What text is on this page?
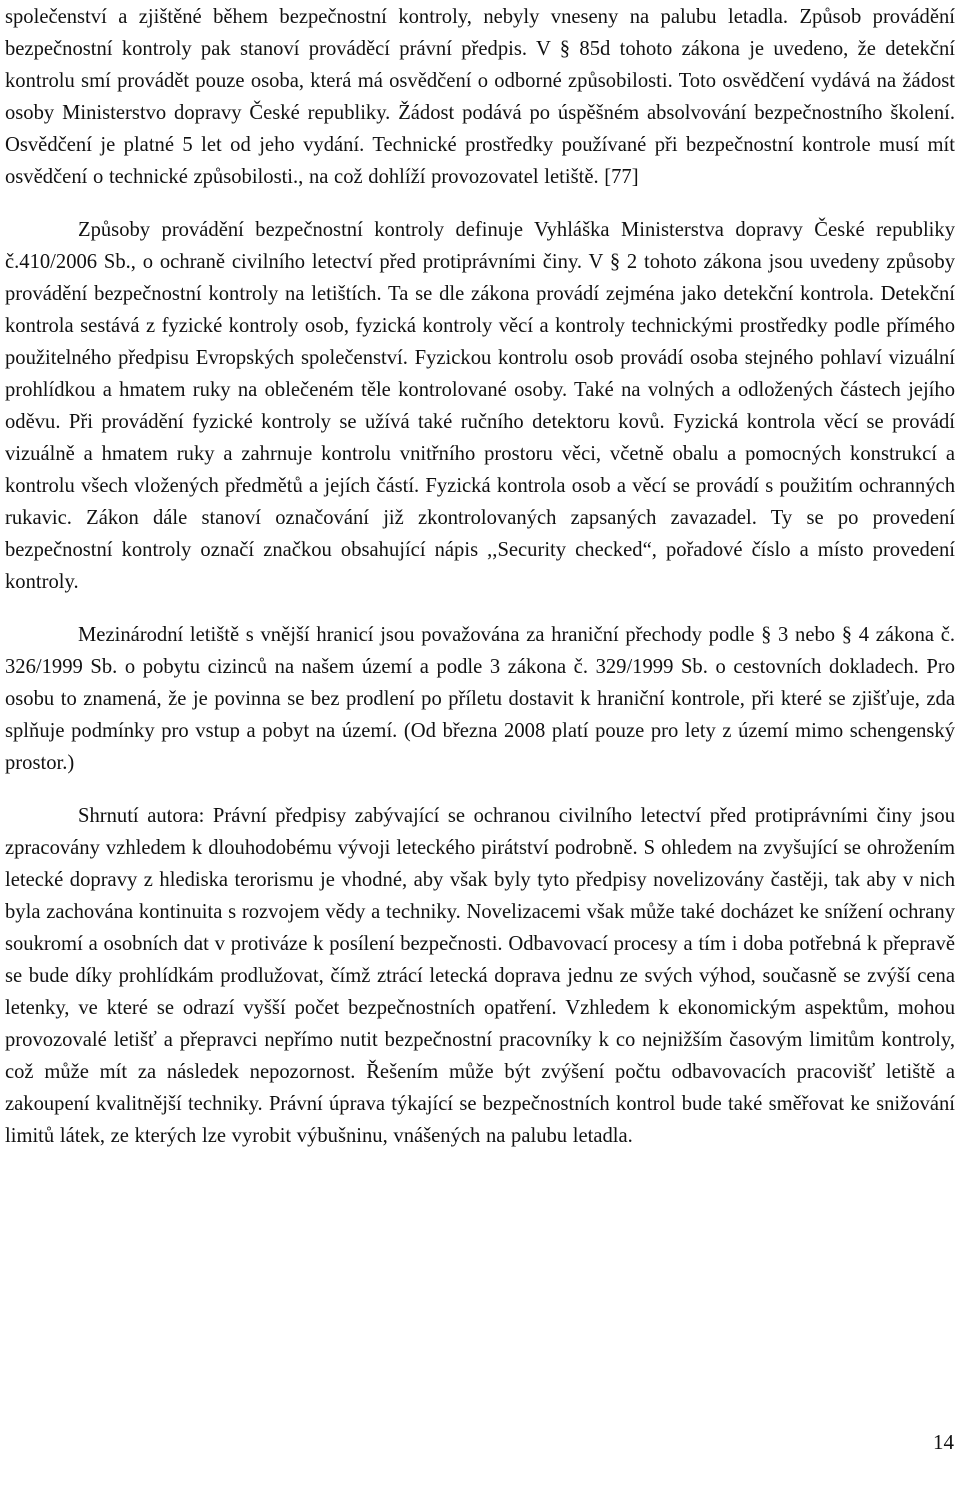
společenství a zjištěné během bezpečnostní kontroly, nebyly vneseny na palubu letadla. Způsob provádění bezpečnostní kontroly pak stanoví prováděcí právní předpis. V § 85d tohoto zákona je uvedeno, že detekční kontrolu smí provádět pouze osoba, která má osvědčení o odborné způsobilosti. Toto osvědčení vydává na žádost osoby Ministerstvo dopravy České republiky. Žádost podává po úspěšném absolvování bezpečnostního školení. Osvědčení je platné 5 let od jeho vydání. Technické prostředky používané při bezpečnostní kontrole musí mít osvědčení o technické způsobilosti., na což dohlíží provozovatel letiště. [77]

Způsoby provádění bezpečnostní kontroly definuje Vyhláška Ministerstva dopravy České republiky č.410/2006 Sb., o ochraně civilního letectví před protiprávními činy. V § 2 tohoto zákona jsou uvedeny způsoby provádění bezpečnostní kontroly na letištích. Ta se dle zákona provádí zejména jako detekční kontrola. Detekční kontrola sestává z fyzické kontroly osob, fyzická kontroly věcí a kontroly technickými prostředky podle přímého použitelného předpisu Evropských společenství. Fyzickou kontrolu osob provádí osoba stejného pohlaví vizuální prohlídkou a hmatem ruky na oblečeném těle kontrolované osoby. Také na volných a odložených částech jejího oděvu. Při provádění fyzické kontroly se užívá také ručního detektoru kovů. Fyzická kontrola věcí se provádí vizuálně a hmatem ruky a zahrnuje kontrolu vnitřního prostoru věci, včetně obalu a pomocných konstrukcí a kontrolu všech vložených předmětů a jejích částí. Fyzická kontrola osob a věcí se provádí s použitím ochranných rukavic. Zákon dále stanoví označování již zkontrolovaných zapsaných zavazadel. Ty se po provedení bezpečnostní kontroly označí značkou obsahující nápis ,,Security checked“, pořadové číslo a místo provedení kontroly.

Mezinárodní letiště s vnější hranicí jsou považována za hraniční přechody podle § 3 nebo § 4 zákona č. 326/1999 Sb. o pobytu cizinců na našem území a podle 3 zákona č. 329/1999 Sb. o cestovních dokladech. Pro osobu to znamená, že je povinna se bez prodlení po příletu dostavit k hraniční kontrole, při které se zjišťuje, zda splňuje podmínky pro vstup a pobyt na území. (Od března 2008 platí pouze pro lety z území mimo schengenský prostor.)

Shrnutí autora: Právní předpisy zabývající se ochranou civilního letectví před protiprávními činy jsou zpracovány vzhledem k dlouhodobému vývoji leteckého pirátství podrobně. S ohledem na zvyšující se ohrožením letecké dopravy z hlediska terorismu je vhodné, aby však byly tyto předpisy novelizovány častěji, tak aby v nich byla zachována kontinuita s rozvojem vědy a techniky. Novelizacemi však může také docházet ke snížení ochrany soukromí a osobních dat v protiváze k posílení bezpečnosti. Odbavovací procesy a tím i doba potřebná k přepravě se bude díky prohlídkám prodlužovat, čímž ztrácí letecká doprava jednu ze svých výhod, současně se zvýší cena letenky, ve které se odrazí vyšší počet bezpečnostních opatření. Vzhledem k ekonomickým aspektům, mohou provozovalé letišť a přepravci nepřímo nutit bezpečnostní pracovníky k co nejnižším časovým limitům kontroly, což může mít za následek nepozornost. Řešením může být zvýšení počtu odbavovacích pracovišť letiště a zakoupení kvalitnější techniky. Právní úprava týkající se bezpečnostních kontrol bude také směřovat ke snižování limitů látek, ze kterých lze vyrobit výbušninu, vnášených na palubu letadla.

14
